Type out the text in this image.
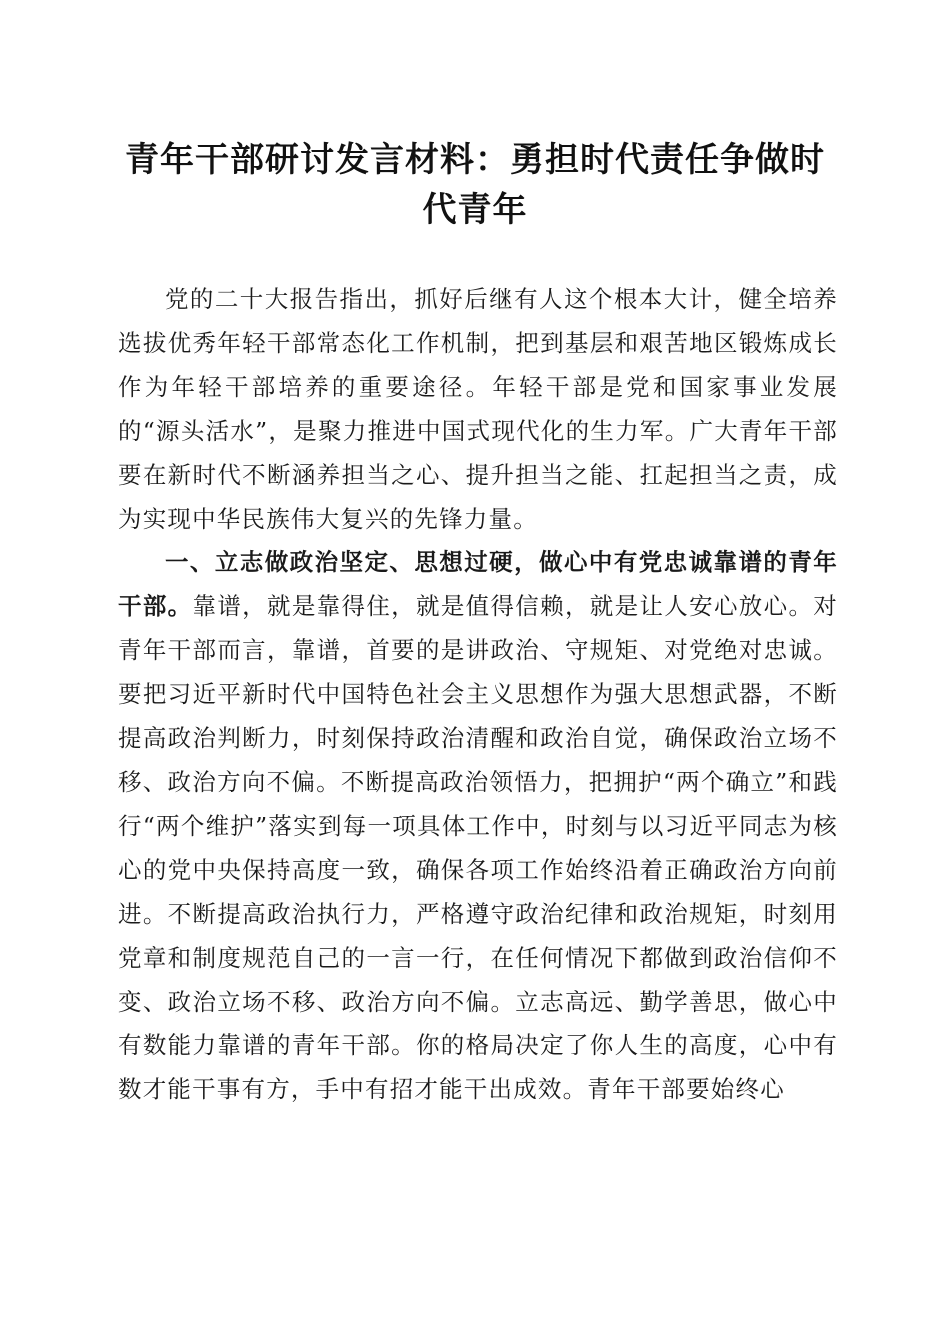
青年干部研讨发言材料：勇担时代责任争做时代青年

党的二十大报告指出，抓好后继有人这个根本大计，健全培养选拔优秀年轻干部常态化工作机制，把到基层和艰苦地区锻炼成长作为年轻干部培养的重要途径。年轻干部是党和国家事业发展的“源头活水”，是聚力推进中国式现代化的生力军。广大青年干部要在新时代不断涵养担当之心、提升担当之能、扛起担当之责，成为实现中华民族伟大复兴的先锋力量。

一、立志做政治坚定、思想过硬，做心中有党忠诚靠谱的青年干部。靠谱，就是靠得住，就是值得信赖，就是让人安心放心。对青年干部而言，靠谱，首要的是讲政治、守规矩、对党绝对忠诚。要把习近平新时代中国特色社会主义思想作为强大思想武器，不断提高政治判断力，时刻保持政治清醒和政治自觉，确保政治立场不移、政治方向不偏。不断提高政治领悟力，把拥护“两个确立”和践行“两个维护”落实到每一项具体工作中，时刻与以习近平同志为核心的党中央保持高度一致，确保各项工作始终沿着正确政治方向前进。不断提高政治执行力，严格遵守政治纪律和政治规矩，时刻用党章和制度规范自己的一言一行，在任何情况下都做到政治信仰不变、政治立场不移、政治方向不偏。立志高远、勤学善思，做心中有数能力靠谱的青年干部。你的格局决定了你人生的高度，心中有数才能干事有方，手中有招才能干出成效。青年干部要始终心
